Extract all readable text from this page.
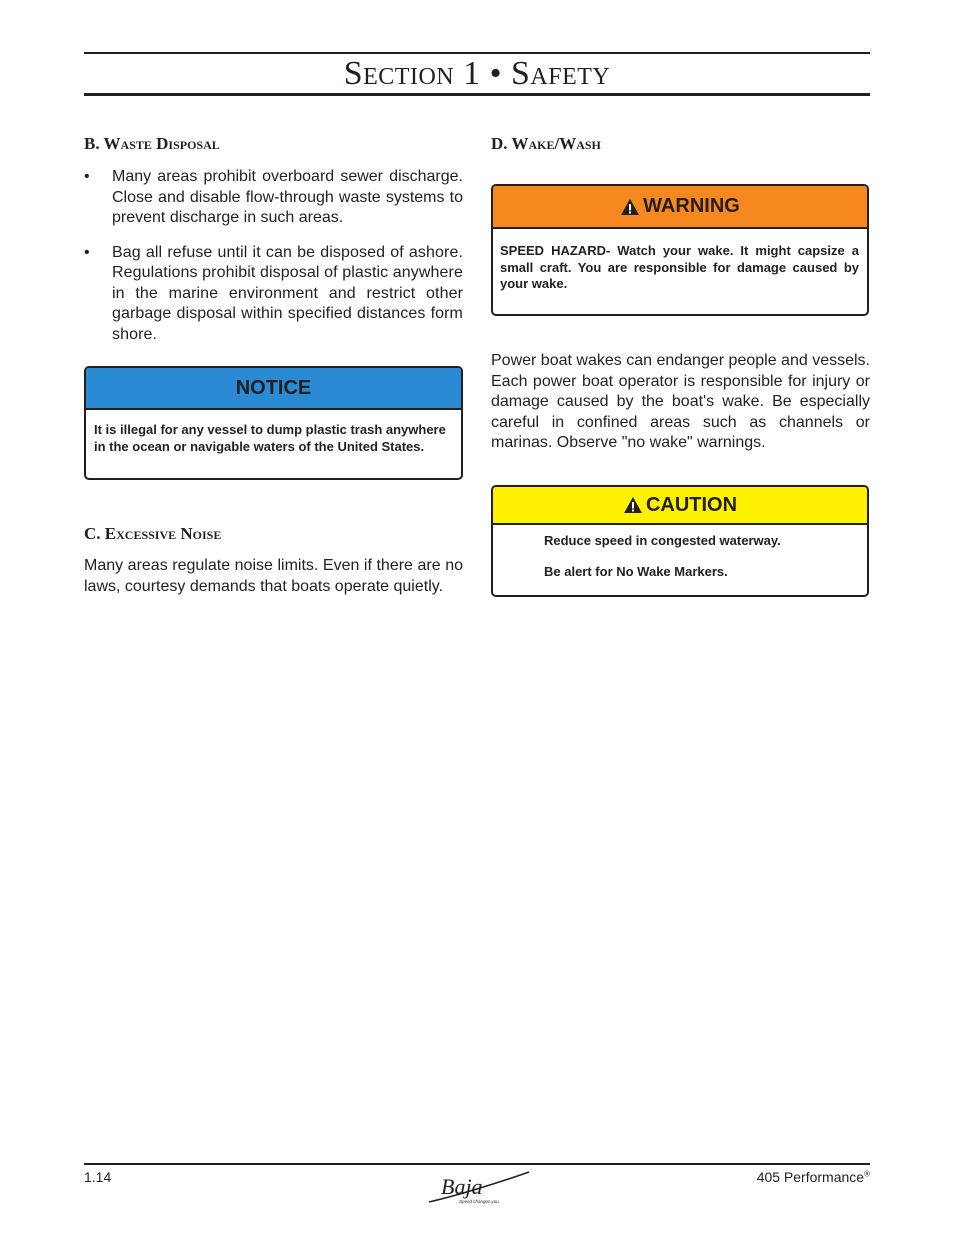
Section 1 • Safety
B. Waste Disposal
• Many areas prohibit overboard sewer discharge. Close and disable flow-through waste systems to prevent discharge in such areas.
• Bag all refuse until it can be disposed of ashore. Regulations prohibit disposal of plastic anywhere in the marine environment and restrict other garbage disposal within specified distances form shore.
NOTICE
It is illegal for any vessel to dump plastic trash anywhere in the ocean or navigable waters of the United States.
C. Excessive Noise

Many areas regulate noise limits. Even if there are no laws, courtesy demands that boats operate quietly.

D. Wake/Wash
WARNING
SPEED HAZARD- Watch your wake. It might capsize a small craft. You are responsible for damage caused by your wake.

Power boat wakes can endanger people and vessels. Each power boat operator is responsible for injury or damage caused by the boat's wake. Be especially careful in confined areas such as channels or marinas. Observe "no wake" warnings.

CAUTION
Reduce speed in congested waterway.
Be alert for No Wake Markers.
1.14	Baja
Speed changes you.
405 Performance®
